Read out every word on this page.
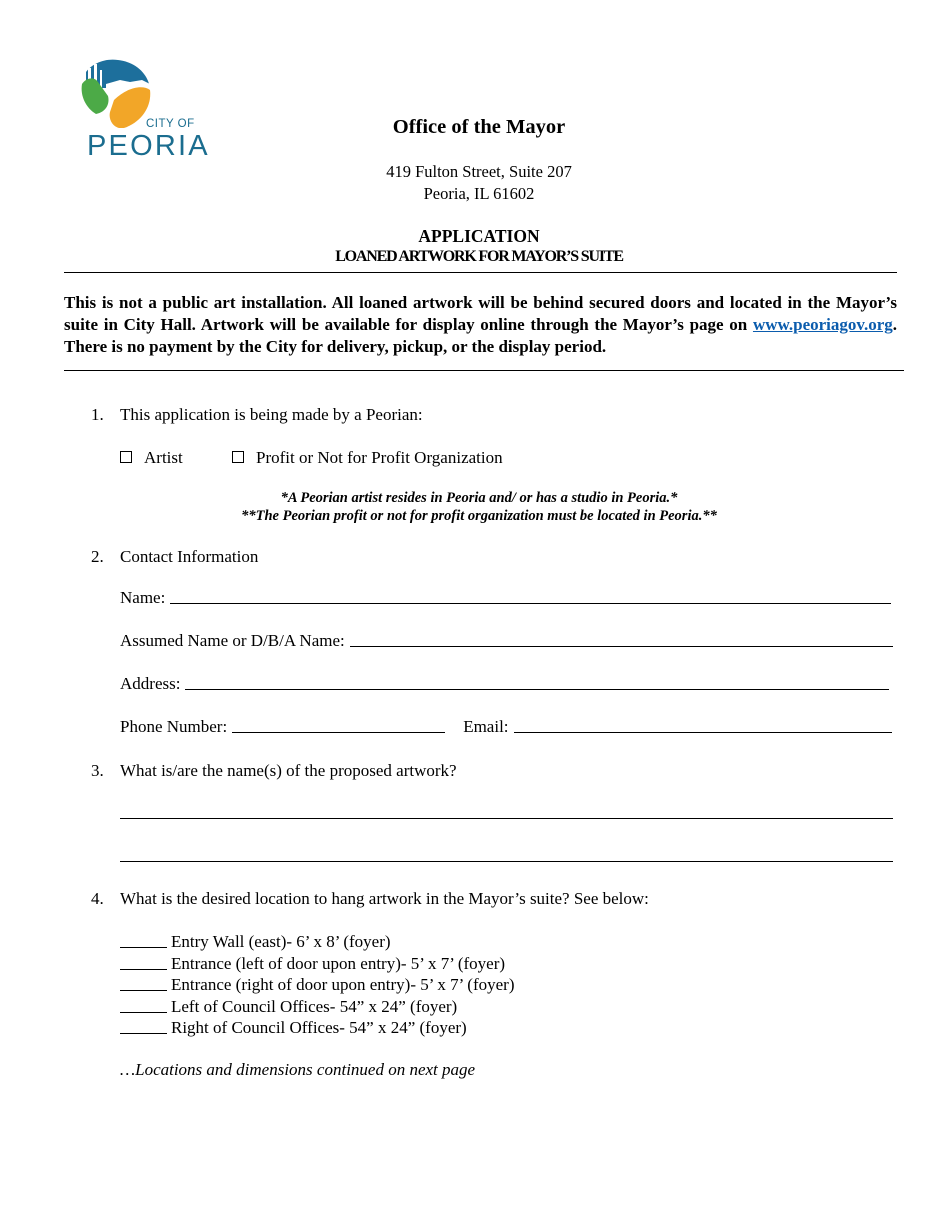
CITY OF
PEORIA
Office of the Mayor
419 Fulton Street, Suite 207
Peoria, IL 61602
APPLICATION
LOANED ARTWORK FOR MAYOR’S SUITE
This is not a public art installation. All loaned artwork will be behind secured doors and located in the Mayor’s suite in City Hall. Artwork will be available for display online through the Mayor’s page on www.peoriagov.org. There is no payment by the City for delivery, pickup, or the display period.
1. This application is being made by a Peorian:
Artist	Profit or Not for Profit Organization
*A Peorian artist resides in Peoria and/ or has a studio in Peoria.*
**The Peorian profit or not for profit organization must be located in Peoria.**
2. Contact Information
Name:
Assumed Name or D/B/A Name:
Address:
Phone Number:	Email:
3. What is/are the name(s) of the proposed artwork?
4. What is the desired location to hang artwork in the Mayor’s suite? See below:
Entry Wall (east)- 6’ x 8’ (foyer)
Entrance (left of door upon entry)- 5’ x 7’ (foyer)
Entrance (right of door upon entry)- 5’ x 7’ (foyer)
Left of Council Offices- 54” x 24” (foyer)
Right of Council Offices- 54” x 24” (foyer)
…Locations and dimensions continued on next page
